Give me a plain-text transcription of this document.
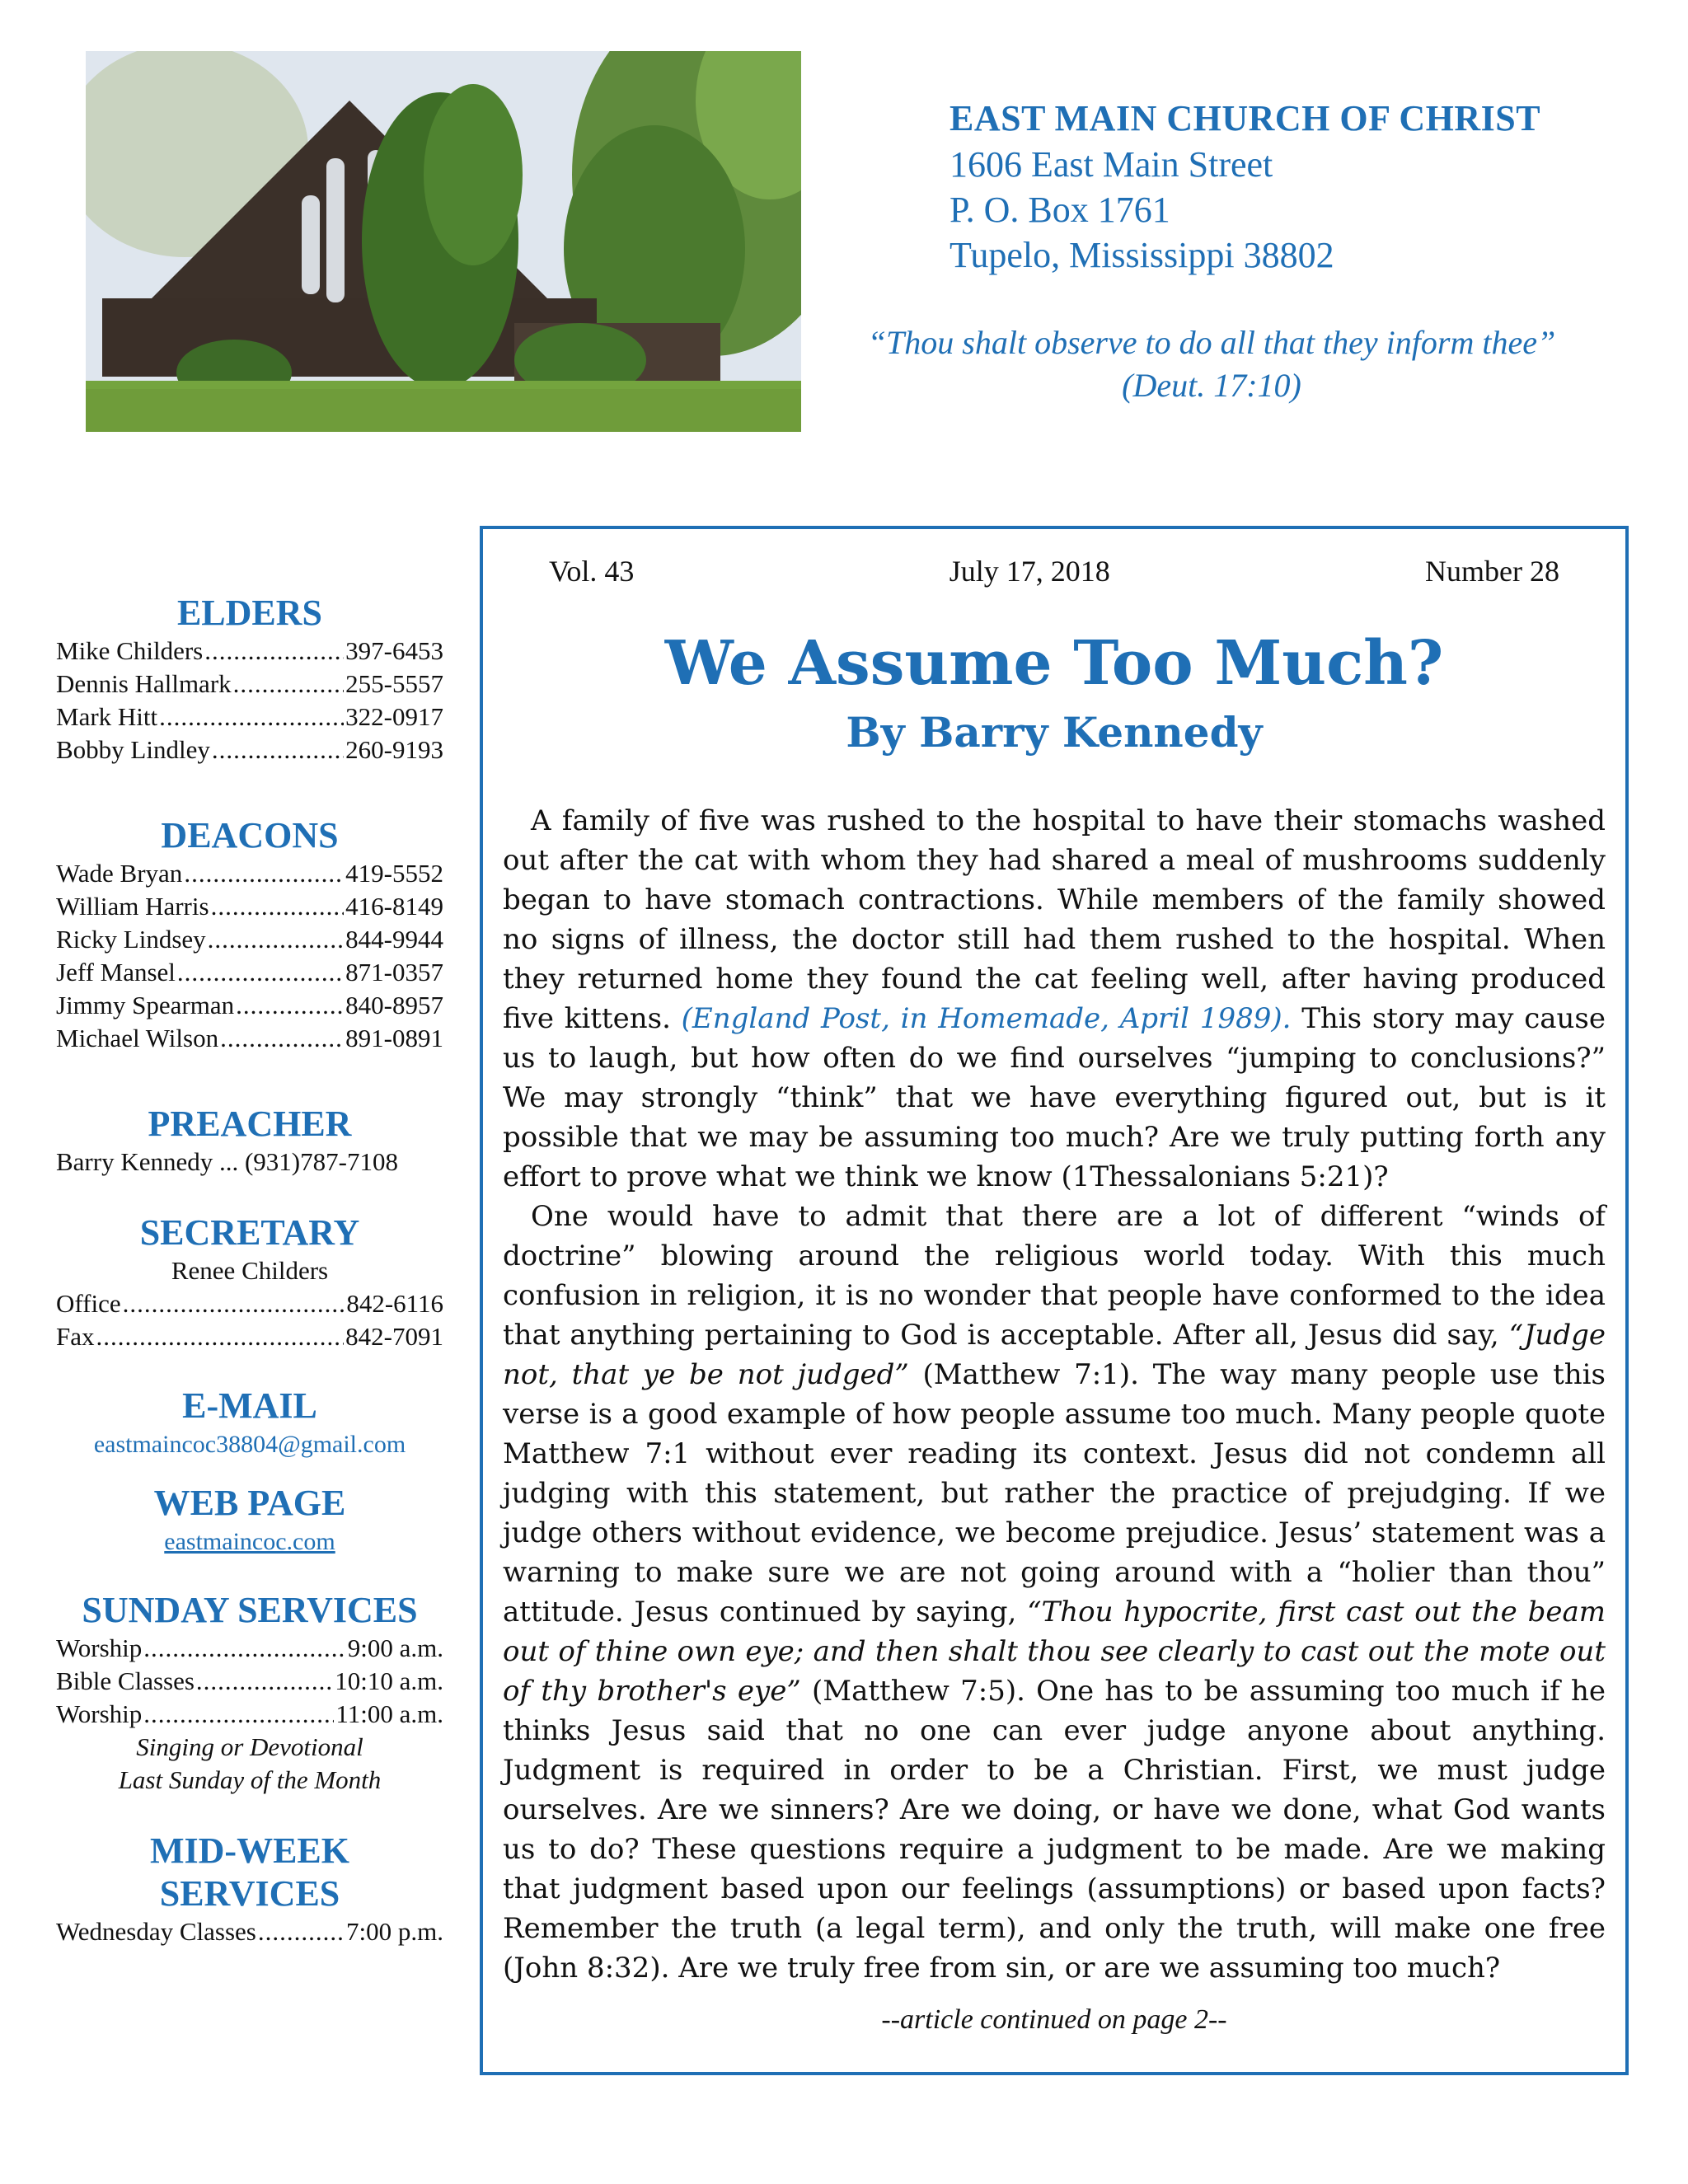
EAST MAIN CHURCH OF CHRIST
1606 East Main Street
P. O. Box 1761
Tupelo, Mississippi 38802
“Thou shalt observe to do all that they inform thee”
(Deut. 17:10)
ELDERS
Mike Childers .....	397-6453
Dennis Hallmark .....	255-5557
Mark Hitt .....	322-0917
Bobby Lindley .....	260-9193
DEACONS
Wade Bryan .....	419-5552
William Harris .....	416-8149
Ricky Lindsey .....	844-9944
Jeff Mansel .....	871-0357
Jimmy Spearman .....	840-8957
Michael Wilson .....	891-0891
PREACHER
Barry Kennedy ... (931)787-7108
SECRETARY
Renee Childers
Office .....	842-6116
Fax .....	842-7091
E-MAIL
eastmaincoc38804@gmail.com
WEB PAGE
eastmaincoc.com
SUNDAY SERVICES
Worship .....	9:00 a.m.
Bible Classes .....	10:10 a.m.
Worship .....	11:00 a.m.
Singing or Devotional
Last Sunday of the Month
MID-WEEK
SERVICES
Wednesday Classes .....	7:00 p.m.
Vol. 43	July 17, 2018	Number 28
We Assume Too Much?
By Barry Kennedy

A family of five was rushed to the hospital to have their stomachs washed out after the cat with whom they had shared a meal of mushrooms suddenly began to have stomach contractions. While members of the family showed no signs of illness, the doctor still had them rushed to the hospital. When they returned home they found the cat feeling well, after having produced five kittens. (England Post, in Homemade, April 1989). This story may cause us to laugh, but how often do we find ourselves “jumping to conclusions?” We may strongly “think” that we have everything figured out, but is it possible that we may be assuming too much? Are we truly putting forth any effort to prove what we think we know (1Thessalonians 5:21)?

One would have to admit that there are a lot of different “winds of doctrine” blowing around the religious world today. With this much confusion in religion, it is no wonder that people have conformed to the idea that anything pertaining to God is acceptable. After all, Jesus did say, “Judge not, that ye be not judged” (Matthew 7:1). The way many people use this verse is a good example of how people assume too much. Many people quote Matthew 7:1 without ever reading its context. Jesus did not condemn all judging with this statement, but rather the practice of prejudging. If we judge others without evidence, we become prejudice. Jesus’ statement was a warning to make sure we are not going around with a “holier than thou” attitude. Jesus continued by saying, “Thou hypocrite, first cast out the beam out of thine own eye; and then shalt thou see clearly to cast out the mote out of thy brother's eye” (Matthew 7:5). One has to be assuming too much if he thinks Jesus said that no one can ever judge anyone about anything. Judgment is required in order to be a Christian. First, we must judge ourselves. Are we sinners? Are we doing, or have we done, what God wants us to do? These questions require a judgment to be made. Are we making that judgment based upon our feelings (assumptions) or based upon facts? Remember the truth (a legal term), and only the truth, will make one free (John 8:32). Are we truly free from sin, or are we assuming too much?

--article continued on page 2--
